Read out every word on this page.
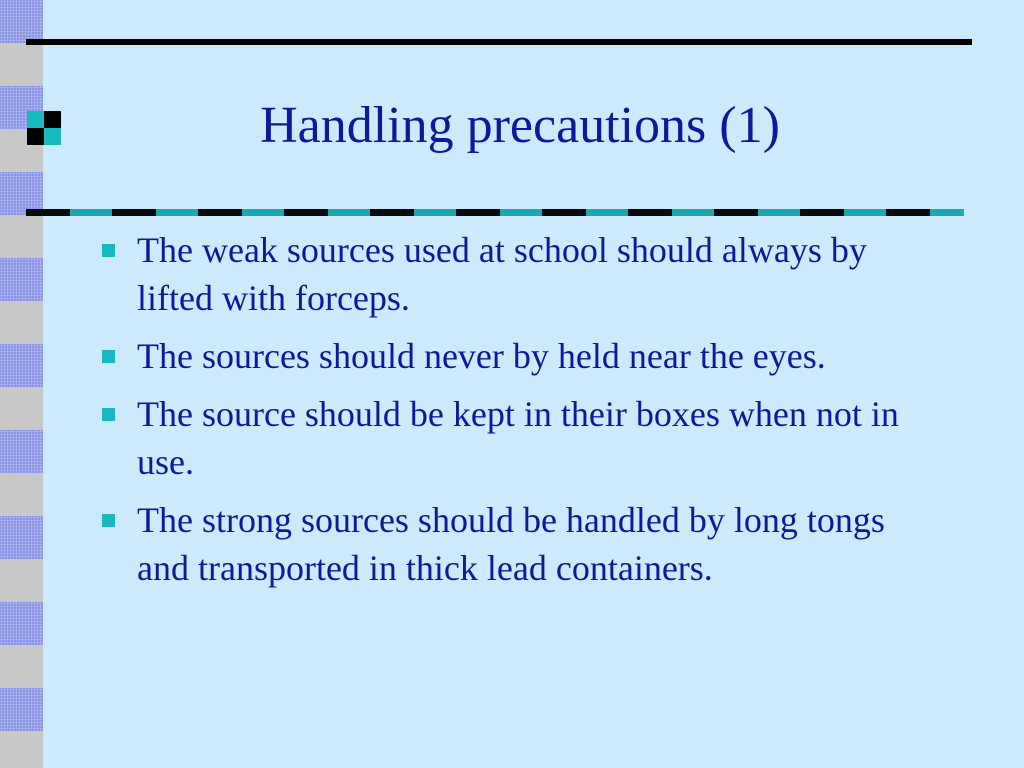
Handling precautions (1)
The weak sources used at school should always by lifted with forceps.
The sources should never by held near the eyes.
The source should be kept in their boxes when not in use.
The strong sources should be handled by long tongs and transported in thick lead containers.
